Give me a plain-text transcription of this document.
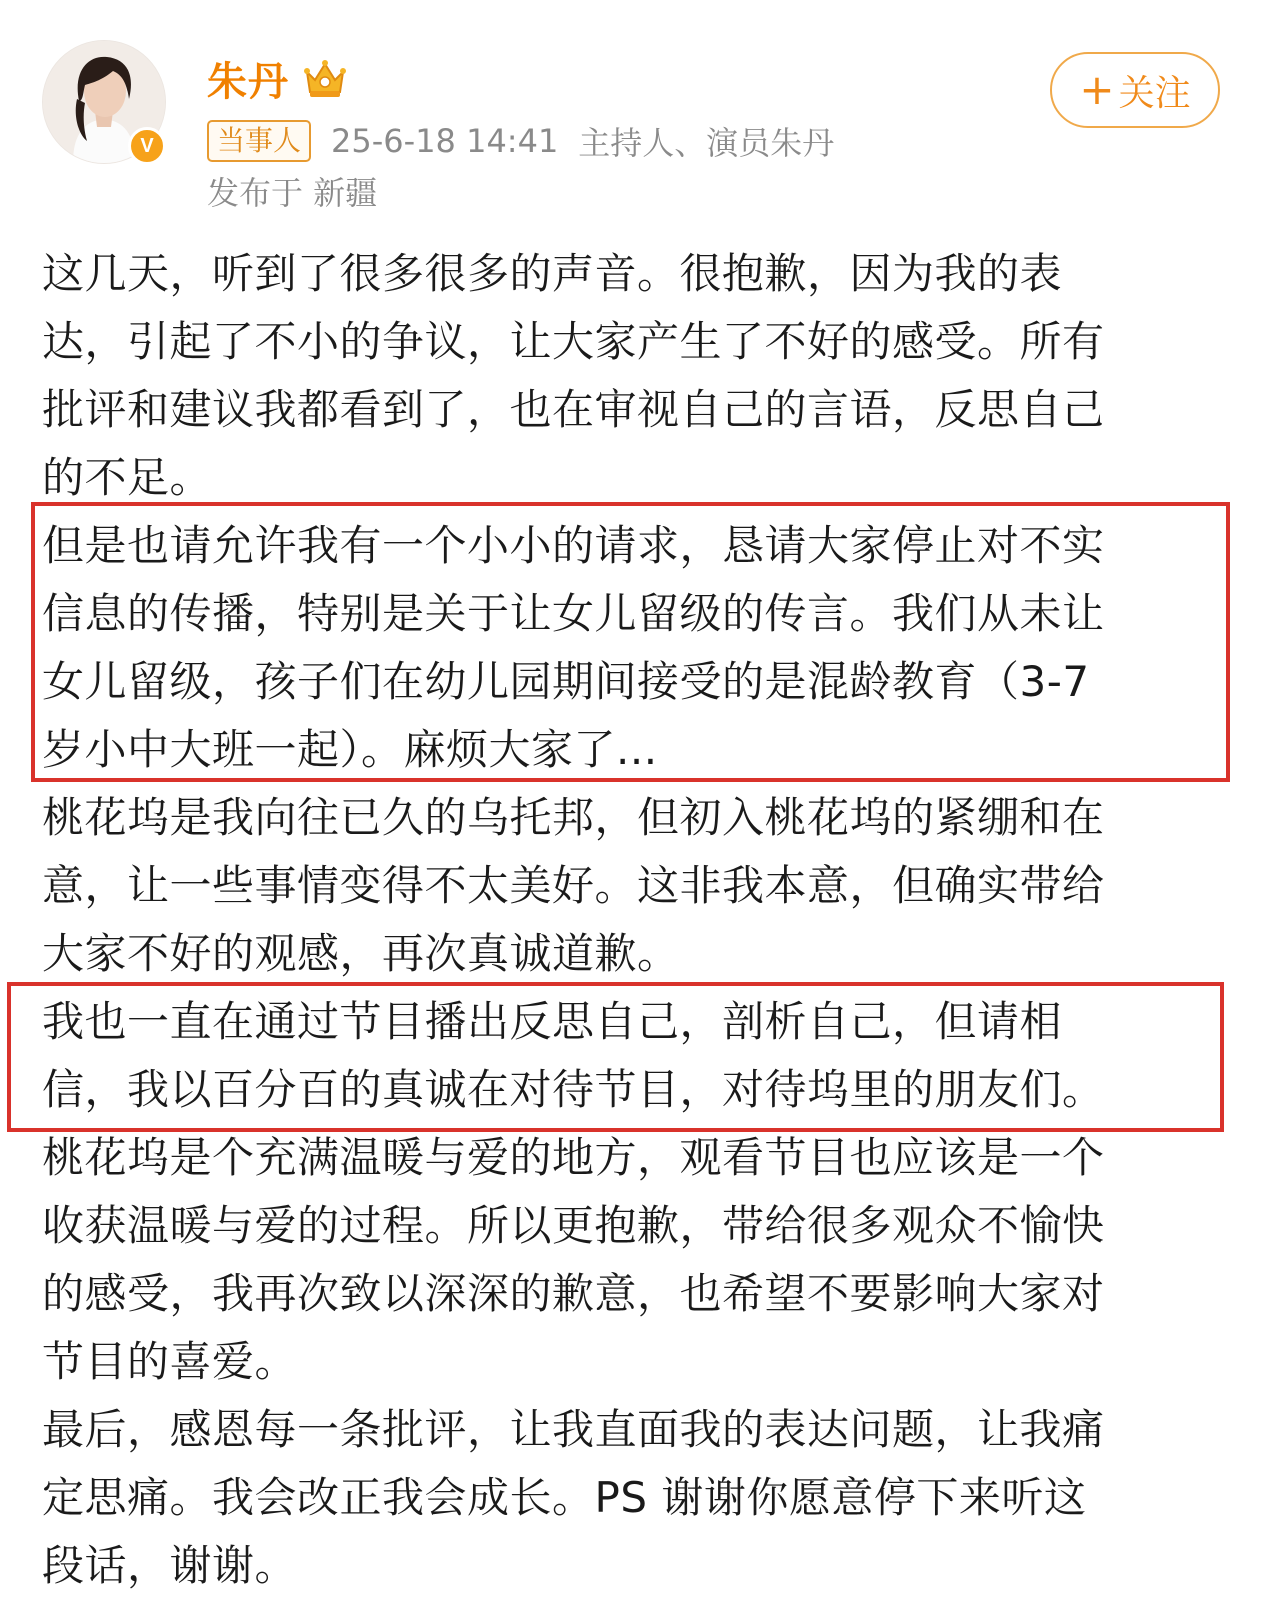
V
朱丹
当事人 25-6-18 14:41 主持人、演员朱丹
发布于 新疆
+ 关注

这几天，听到了很多很多的声音。很抱歉，因为我的表
达，引起了不小的争议，让大家产生了不好的感受。所有
批评和建议我都看到了，也在审视自己的言语，反思自己
的不足。

但是也请允许我有一个小小的请求，恳请大家停止对不实
信息的传播，特别是关于让女儿留级的传言。我们从未让
女儿留级，孩子们在幼儿园期间接受的是混龄教育（3-7
岁小中大班一起）。麻烦大家了...

桃花坞是我向往已久的乌托邦，但初入桃花坞的紧绷和在
意，让一些事情变得不太美好。这非我本意，但确实带给
大家不好的观感，再次真诚道歉。

我也一直在通过节目播出反思自己，剖析自己，但请相
信，我以百分百的真诚在对待节目，对待坞里的朋友们。

桃花坞是个充满温暖与爱的地方，观看节目也应该是一个
收获温暖与爱的过程。所以更抱歉，带给很多观众不愉快
的感受，我再次致以深深的歉意，也希望不要影响大家对
节目的喜爱。

最后，感恩每一条批评，让我直面我的表达问题，让我痛
定思痛。我会改正我会成长。PS 谢谢你愿意停下来听这
段话，谢谢。
